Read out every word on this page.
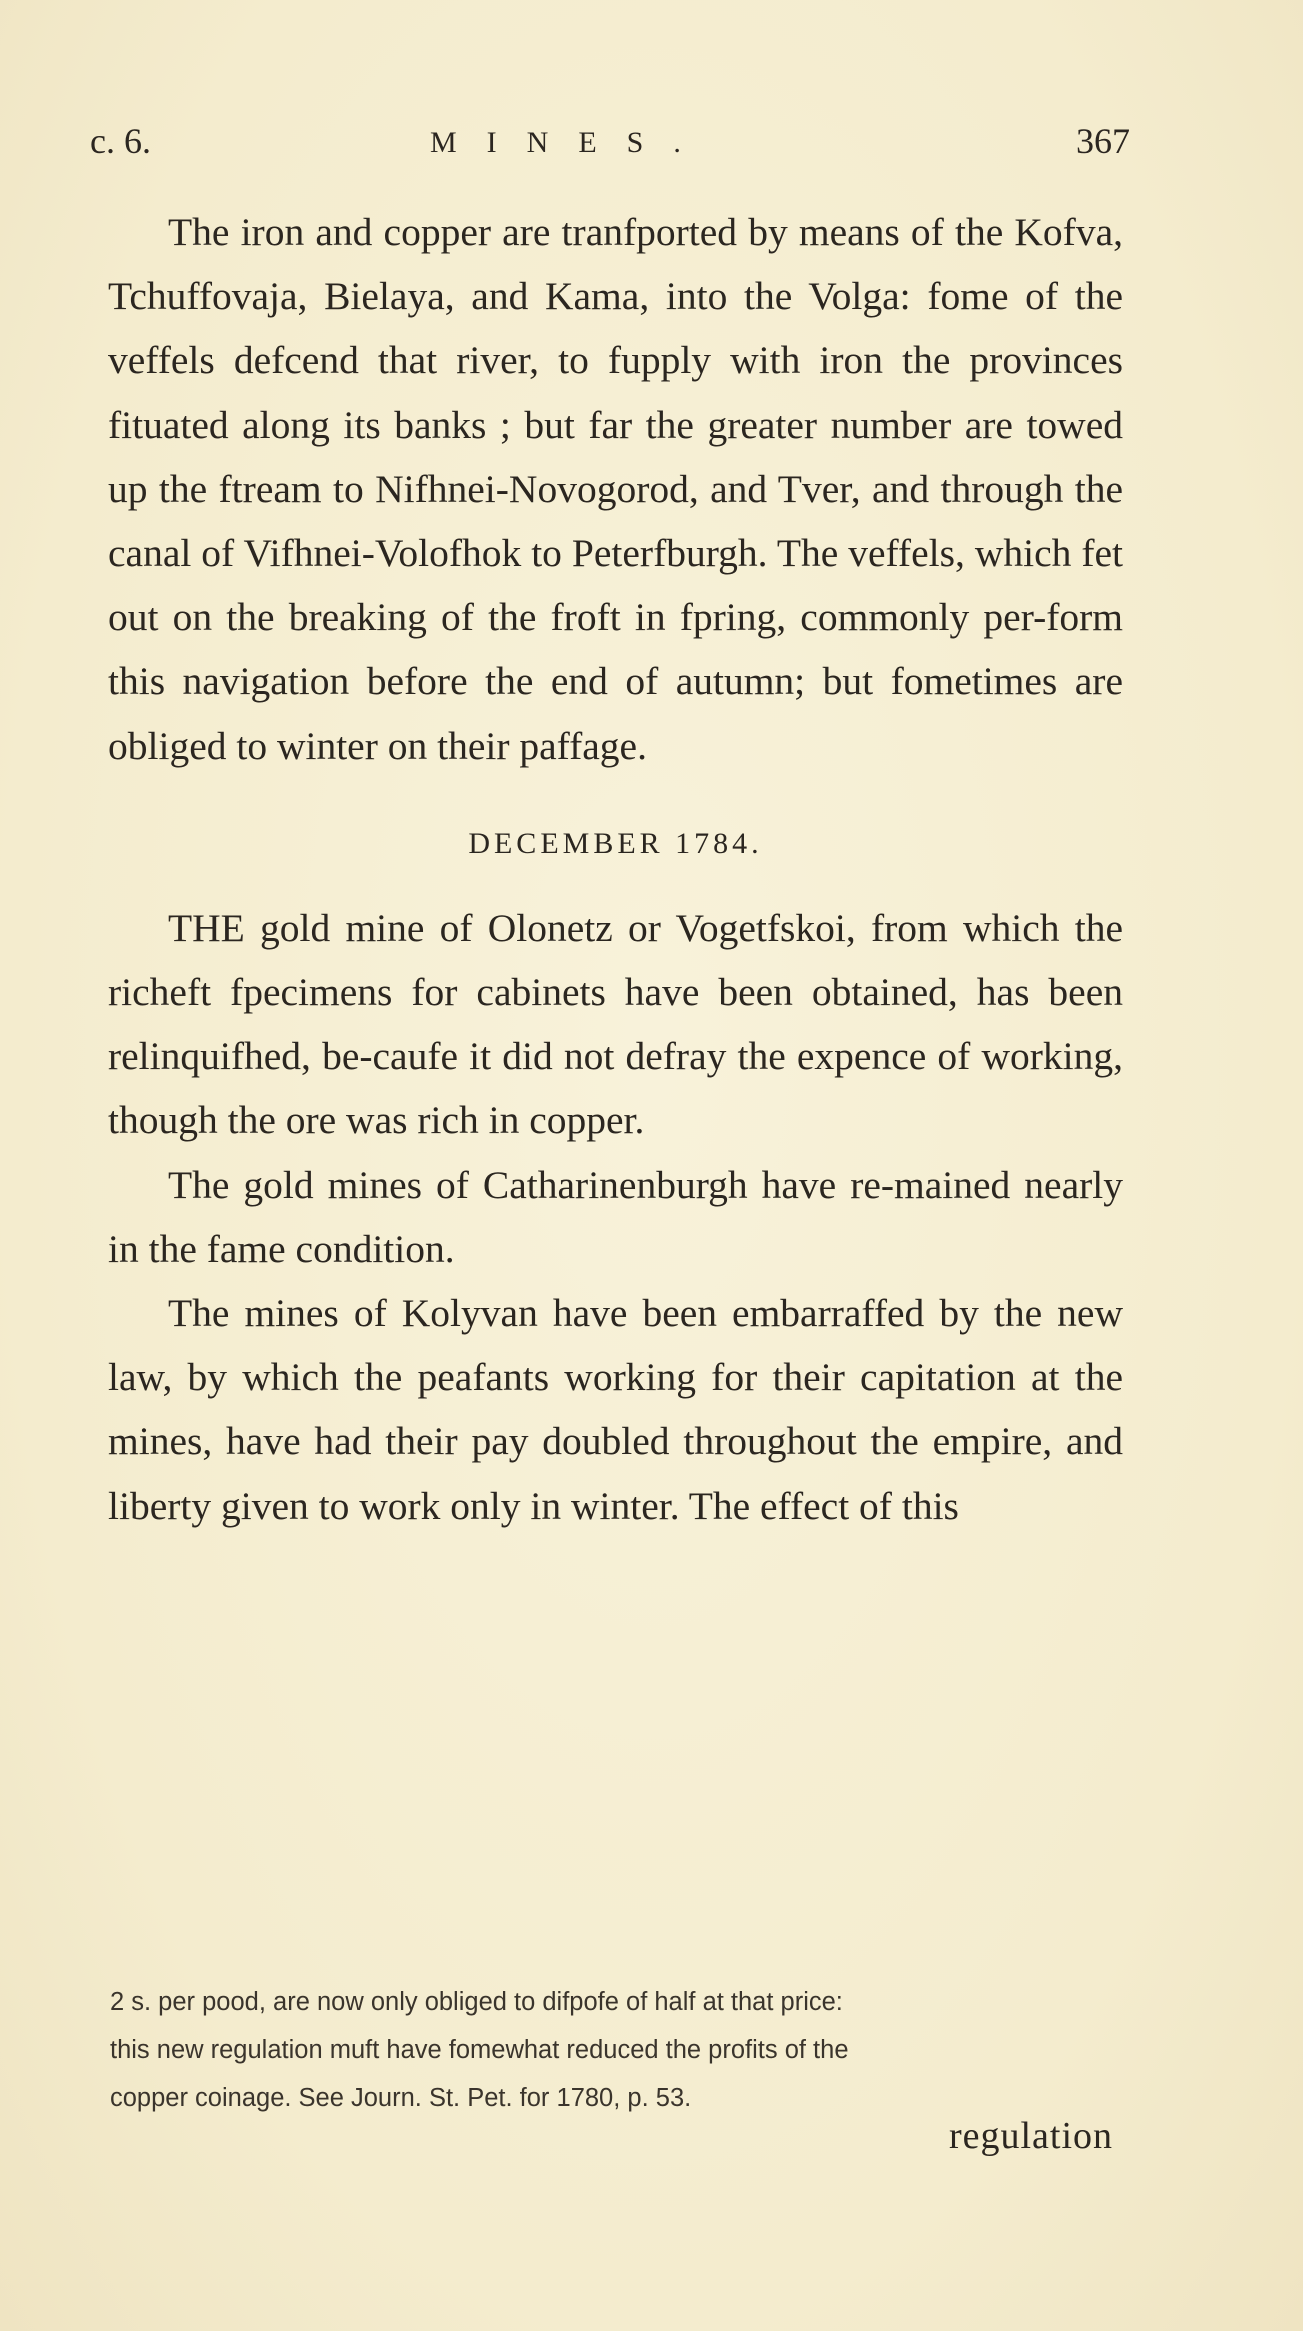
c. 6.	MINES.	367

The iron and copper are tranfported by means of the Kofva, Tchuffovaja, Bielaya, and Kama, into the Volga: fome of the veffels defcend that river, to fupply with iron the provinces fituated along its banks ; but far the greater number are towed up the ftream to Nifhnei-Novogorod, and Tver, and through the canal of Vifhnei-Volofhok to Peterfburgh. The veffels, which fet out on the breaking of the froft in fpring, commonly per-form this navigation before the end of autumn; but fometimes are obliged to winter on their paffage.

DECEMBER 1784.

THE gold mine of Olonetz or Vogetfskoi, from which the richeft fpecimens for cabinets have been obtained, has been relinquifhed, be-caufe it did not defray the expence of working, though the ore was rich in copper.

The gold mines of Catharinenburgh have re-mained nearly in the fame condition.

The mines of Kolyvan have been embarraffed by the new law, by which the peafants working for their capitation at the mines, have had their pay doubled throughout the empire, and liberty given to work only in winter. The effect of this

2 s. per pood, are now only obliged to difpofe of half at that price:

this new regulation muft have fomewhat reduced the profits of the

copper coinage. See Journ. St. Pet. for 1780, p. 53.

regulation
